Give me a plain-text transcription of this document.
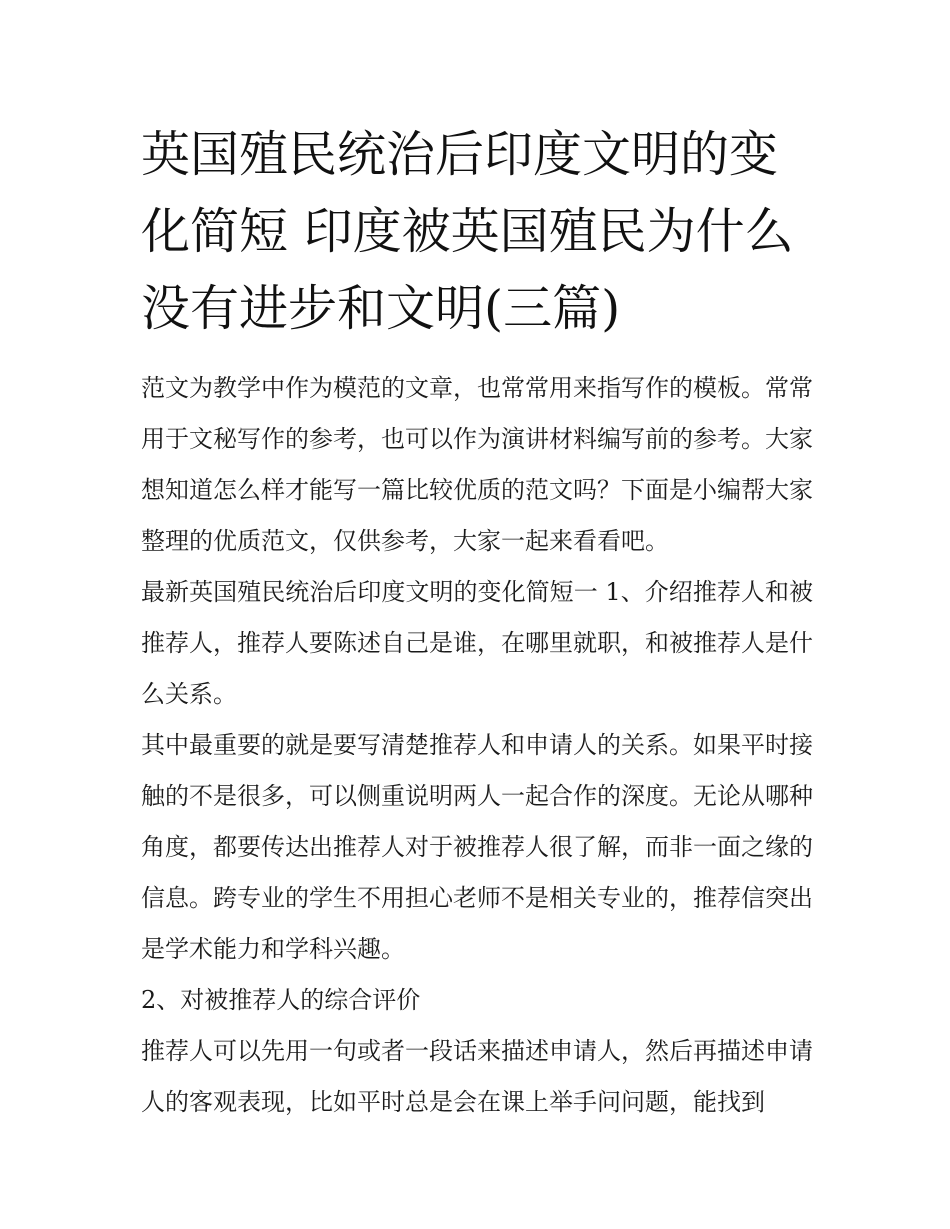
英国殖民统治后印度文明的变化简短 印度被英国殖民为什么没有进步和文明(三篇)

范文为教学中作为模范的文章，也常常用来指写作的模板。常常用于文秘写作的参考，也可以作为演讲材料编写前的参考。大家想知道怎么样才能写一篇比较优质的范文吗？下面是小编帮大家整理的优质范文，仅供参考，大家一起来看看吧。

最新英国殖民统治后印度文明的变化简短一 1、介绍推荐人和被推荐人，推荐人要陈述自己是谁，在哪里就职，和被推荐人是什么关系。

其中最重要的就是要写清楚推荐人和申请人的关系。如果平时接触的不是很多，可以侧重说明两人一起合作的深度。无论从哪种角度，都要传达出推荐人对于被推荐人很了解，而非一面之缘的信息。跨专业的学生不用担心老师不是相关专业的，推荐信突出是学术能力和学科兴趣。

2、对被推荐人的综合评价

推荐人可以先用一句或者一段话来描述申请人，然后再描述申请人的客观表现，比如平时总是会在课上举手问问题，能找到
